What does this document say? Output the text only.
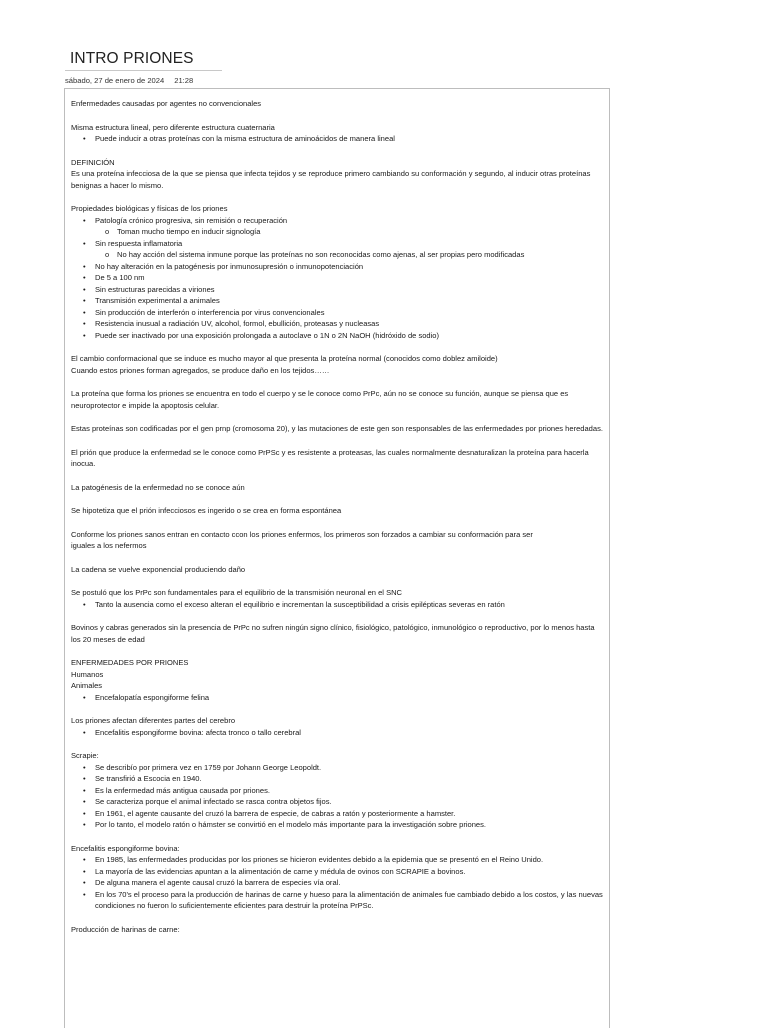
INTRO PRIONES
sábado, 27 de enero de 2024 21:28

Enfermedades causadas por agentes no convencionales

Misma estructura lineal, pero diferente estructura cuaternaria

• Puede inducir a otras proteínas con la misma estructura de aminoácidos de manera lineal

DEFINICIÓN

Es una proteína infecciosa de la que se piensa que infecta tejidos y se reproduce primero cambiando su conformación y segundo, al inducir otras proteínas benignas a hacer lo mismo.

Propiedades biológicas y físicas de los priones

• Patología crónico progresiva, sin remisión o recuperación
o Toman mucho tiempo en inducir signología
• Sin respuesta inflamatoria
o No hay acción del sistema inmune porque las proteínas no son reconocidas como ajenas, al ser propias pero modificadas
• No hay alteración en la patogénesis por inmunosupresión o inmunopotenciación
• De 5 a 100 nm
• Sin estructuras parecidas a viriones
• Transmisión experimental a animales
• Sin producción de interferón o interferencia por virus convencionales
• Resistencia inusual a radiación UV, alcohol, formol, ebullición, proteasas y nucleasas
• Puede ser inactivado por una exposición prolongada a autoclave o 1N o 2N NaOH (hidróxido de sodio)

El cambio conformacional que se induce es mucho mayor al que presenta la proteína normal (conocidos como doblez amiloide)

Cuando estos priones forman agregados, se produce daño en los tejidos……

La proteína que forma los priones se encuentra en todo el cuerpo y se le conoce como PrPc, aún no se conoce su función, aunque se piensa que es neuroprotector e impide la apoptosis celular.

Estas proteínas son codificadas por el gen prnp (cromosoma 20), y las mutaciones de este gen son responsables de las enfermedades por priones heredadas.

El prión que produce la enfermedad se le conoce como PrPSc y es resistente a proteasas, las cuales normalmente desnaturalizan la proteína para hacerla inocua.

La patogénesis de la enfermedad no se conoce aún

Se hipotetiza que el prión infecciosos es ingerido o se crea en forma espontánea

Conforme los priones sanos entran en contacto ccon los priones enfermos, los primeros son forzados a cambiar su conformación para ser

iguales a los nefermos

La cadena se vuelve exponencial produciendo daño

Se postuló que los PrPc son fundamentales para el equilibrio de la transmisión neuronal en el SNC

• Tanto la ausencia como el exceso alteran el equilibrio e incrementan la susceptibilidad a crisis epilépticas severas en ratón

Bovinos y cabras generados sin la presencia de PrPc no sufren ningún signo clínico, fisiológico, patológico, inmunológico o reproductivo, por lo menos hasta los 20 meses de edad

ENFERMEDADES POR PRIONES

Humanos

Animales

• Encefalopatía espongiforme felina

Los priones afectan diferentes partes del cerebro

• Encefalitis espongiforme bovina: afecta tronco o tallo cerebral

Scrapie:

• Se describío por primera vez en 1759 por Johann George Leopoldt.
• Se transfirió a Escocia en 1940.
• Es la enfermedad más antigua causada por priones.
• Se caracteriza porque el animal infectado se rasca contra objetos fijos.
• En 1961, el agente causante del cruzó la barrera de especie, de cabras a ratón y posteriormente a hamster.
• Por lo tanto, el modelo ratón o hámster se convirtió en el modelo más importante para la investigación sobre priones.

Encefalitis espongiforme bovina:

• En 1985, las enfermedades producidas por los priones se hicieron evidentes debido a la epidemia que se presentó en el Reino Unido.
• La mayoría de las evidencias apuntan a la alimentación de carne y médula de ovinos con SCRAPIE a bovinos.
• De alguna manera el agente causal cruzó la barrera de especies vía oral.
• En los 70's el proceso para la producción de harinas de carne y hueso para la alimentación de animales fue cambiado debido a los costos, y las nuevas condiciones no fueron lo suficientemente eficientes para destruir la proteína PrPSc.

Producción de harinas de carne:
